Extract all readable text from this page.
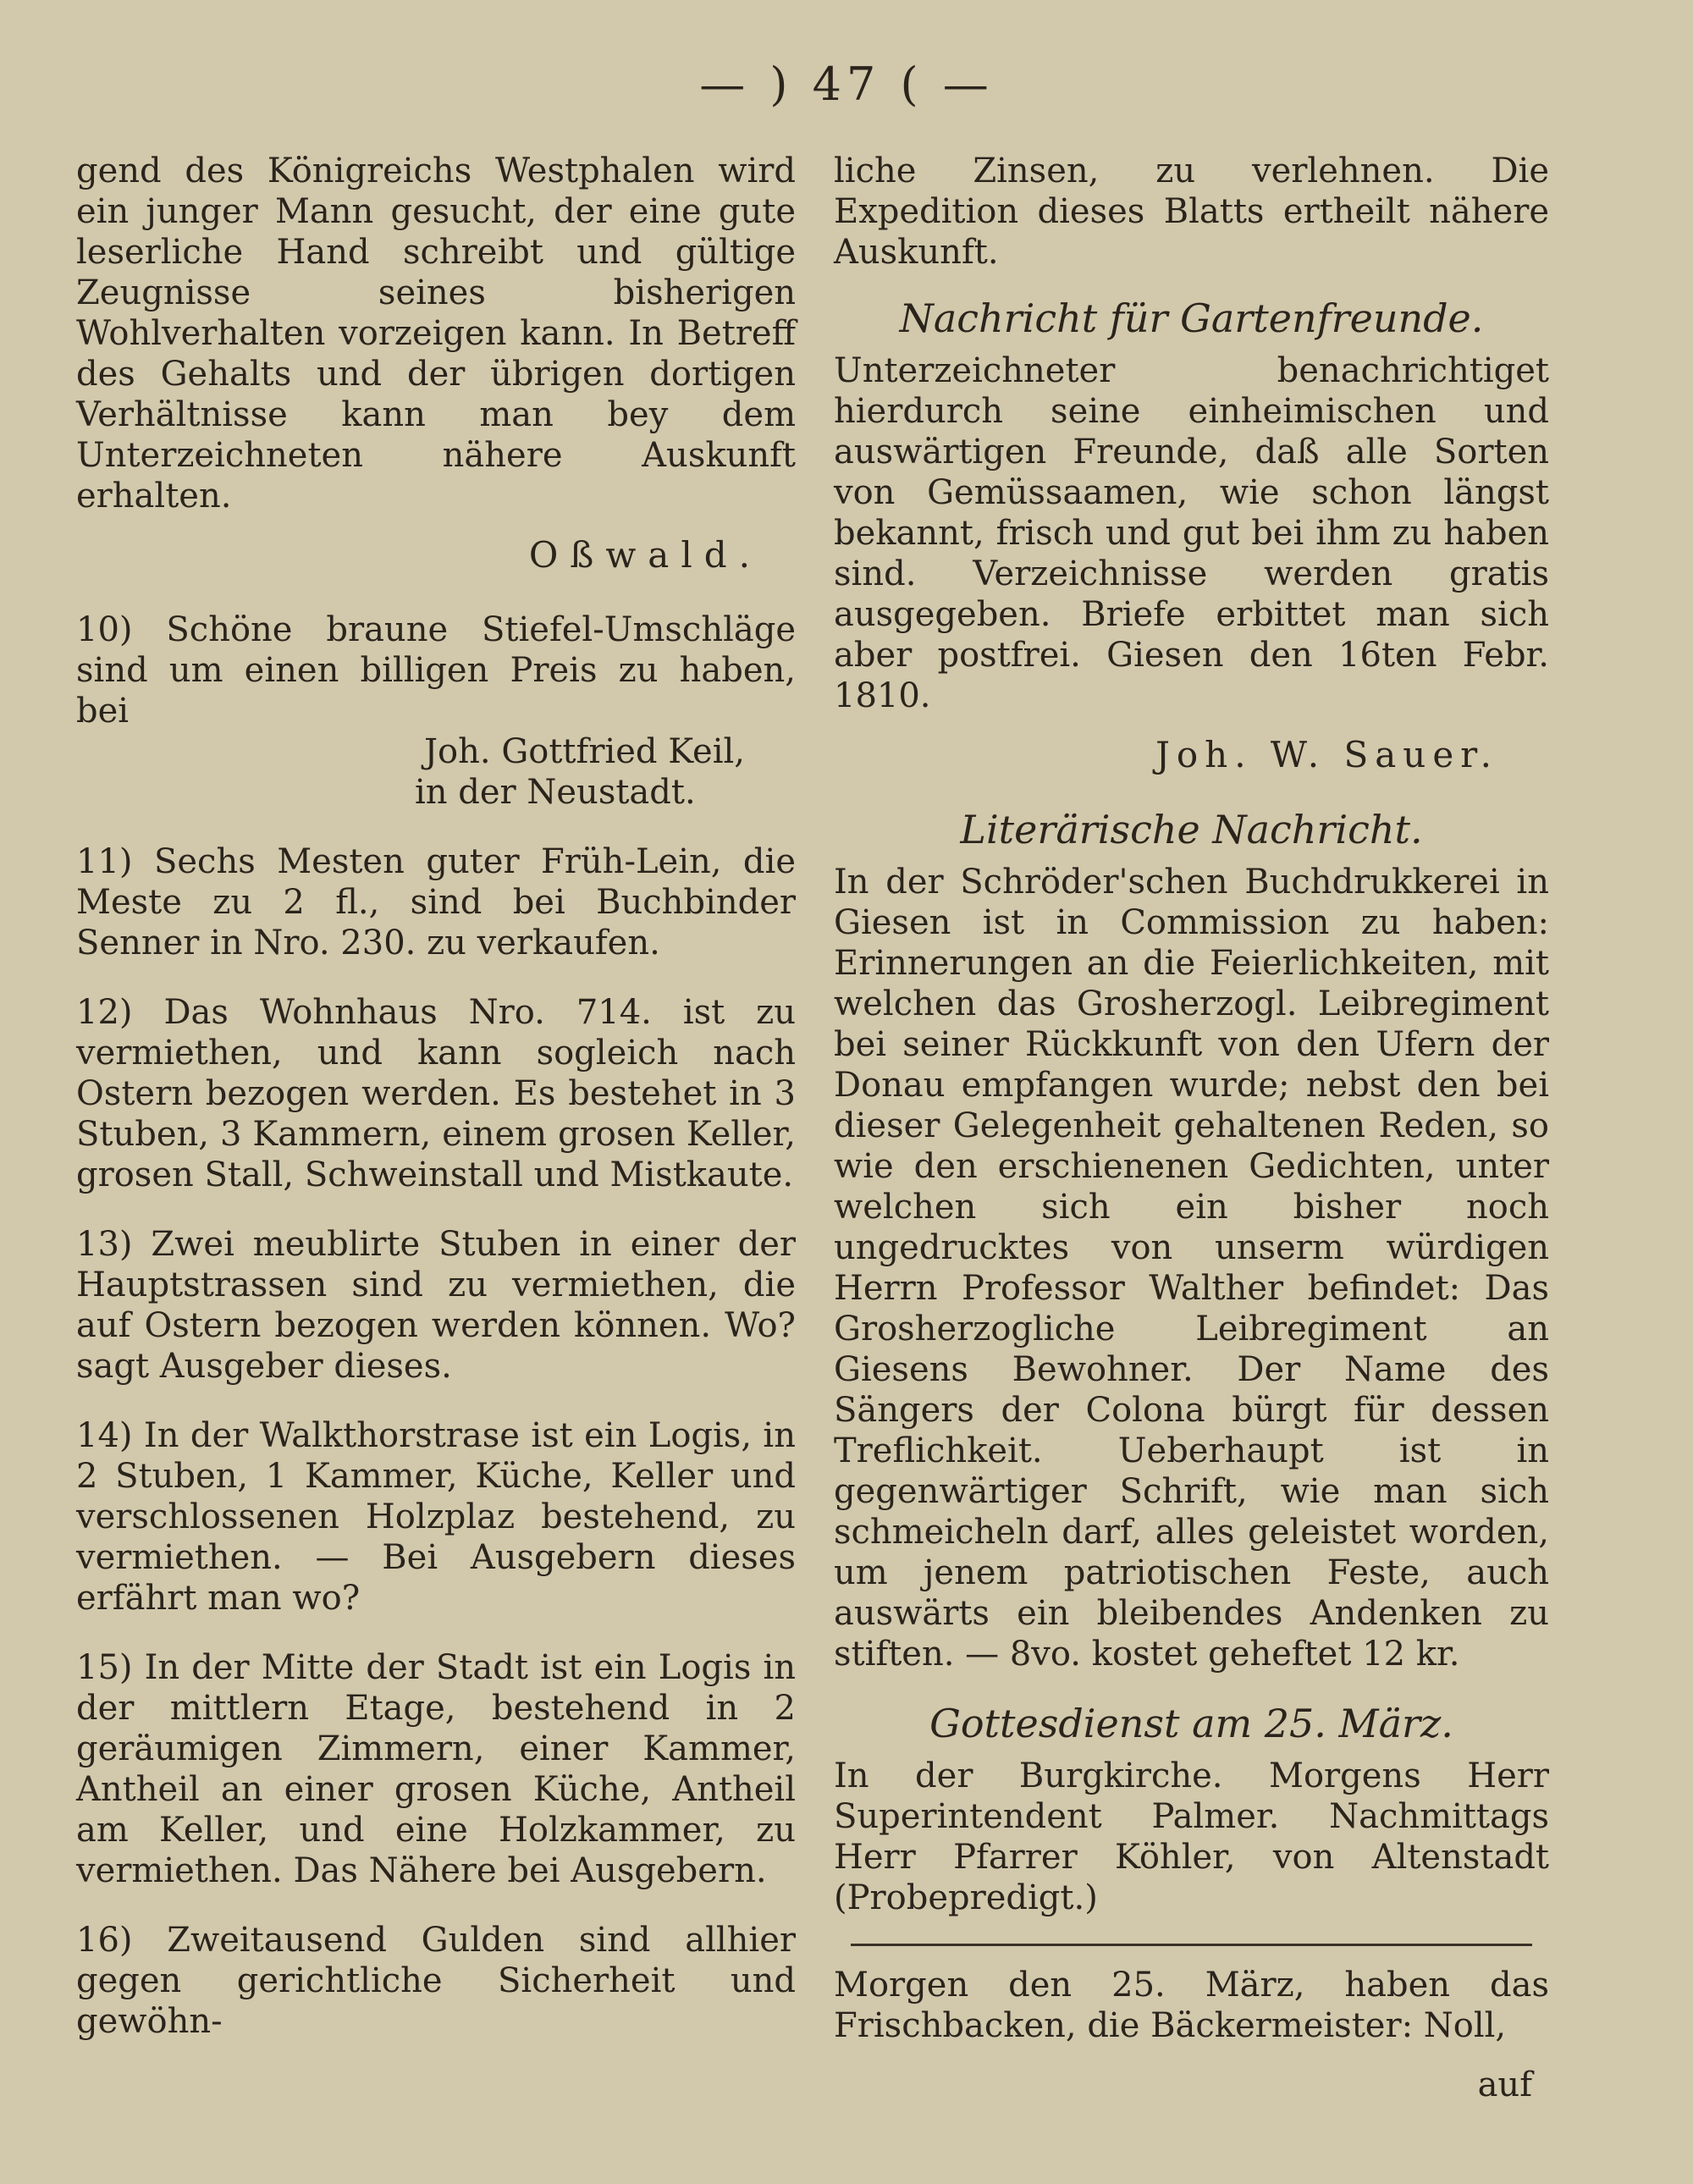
— ) 47 ( —

gend des Königreichs Westphalen wird ein junger Mann gesucht, der eine gute leserliche Hand schreibt und gültige Zeugnisse seines bisherigen Wohlverhalten vorzeigen kann. In Betreff des Gehalts und der übrigen dortigen Verhältnisse kann man bey dem Unterzeichneten nähere Auskunft erhalten.

Oßwald.

10) Schöne braune Stiefel-Umschläge sind um einen billigen Preis zu haben, bei
Joh. Gottfried Keil,
in der Neustadt.

11) Sechs Mesten guter Früh-Lein, die Meste zu 2 fl., sind bei Buchbinder Senner in Nro. 230. zu verkaufen.

12) Das Wohnhaus Nro. 714. ist zu vermiethen, und kann sogleich nach Ostern bezogen werden. Es bestehet in 3 Stuben, 3 Kammern, einem grosen Keller, grosen Stall, Schweinstall und Mistkaute.

13) Zwei meublirte Stuben in einer der Hauptstrassen sind zu vermiethen, die auf Ostern bezogen werden können. Wo? sagt Ausgeber dieses.

14) In der Walkthorstrase ist ein Logis, in 2 Stuben, 1 Kammer, Küche, Keller und verschlossenen Holzplaz bestehend, zu vermiethen. — Bei Ausgebern dieses erfährt man wo?

15) In der Mitte der Stadt ist ein Logis in der mittlern Etage, bestehend in 2 geräumigen Zimmern, einer Kammer, Antheil an einer grosen Küche, Antheil am Keller, und eine Holzkammer, zu vermiethen. Das Nähere bei Ausgebern.

16) Zweitausend Gulden sind allhier gegen gerichtliche Sicherheit und gewöhn-

liche Zinsen, zu verlehnen. Die Expedition dieses Blatts ertheilt nähere Auskunft.

Nachricht für Gartenfreunde.

Unterzeichneter benachrichtiget hierdurch seine einheimischen und auswärtigen Freunde, daß alle Sorten von Gemüssaamen, wie schon längst bekannt, frisch und gut bei ihm zu haben sind. Verzeichnisse werden gratis ausgegeben. Briefe erbittet man sich aber postfrei. Giesen den 16ten Febr. 1810.

Joh. W. Sauer.
Literärische Nachricht.

In der Schröder'schen Buchdrukkerei in Giesen ist in Commission zu haben: Erinnerungen an die Feierlichkeiten, mit welchen das Grosherzogl. Leibregiment bei seiner Rückkunft von den Ufern der Donau empfangen wurde; nebst den bei dieser Gelegenheit gehaltenen Reden, so wie den erschienenen Gedichten, unter welchen sich ein bisher noch ungedrucktes von unserm würdigen Herrn Professor Walther befindet: Das Grosherzogliche Leibregiment an Giesens Bewohner. Der Name des Sängers der Colona bürgt für dessen Treflichkeit. Ueberhaupt ist in gegenwärtiger Schrift, wie man sich schmeicheln darf, alles geleistet worden, um jenem patriotischen Feste, auch auswärts ein bleibendes Andenken zu stiften. — 8vo. kostet geheftet 12 kr.

Gottesdienst am 25. März.

In der Burgkirche. Morgens Herr Superintendent Palmer. Nachmittags Herr Pfarrer Köhler, von Altenstadt (Probepredigt.)

Morgen den 25. März, haben das Frischbacken, die Bäckermeister: Noll,

auf
